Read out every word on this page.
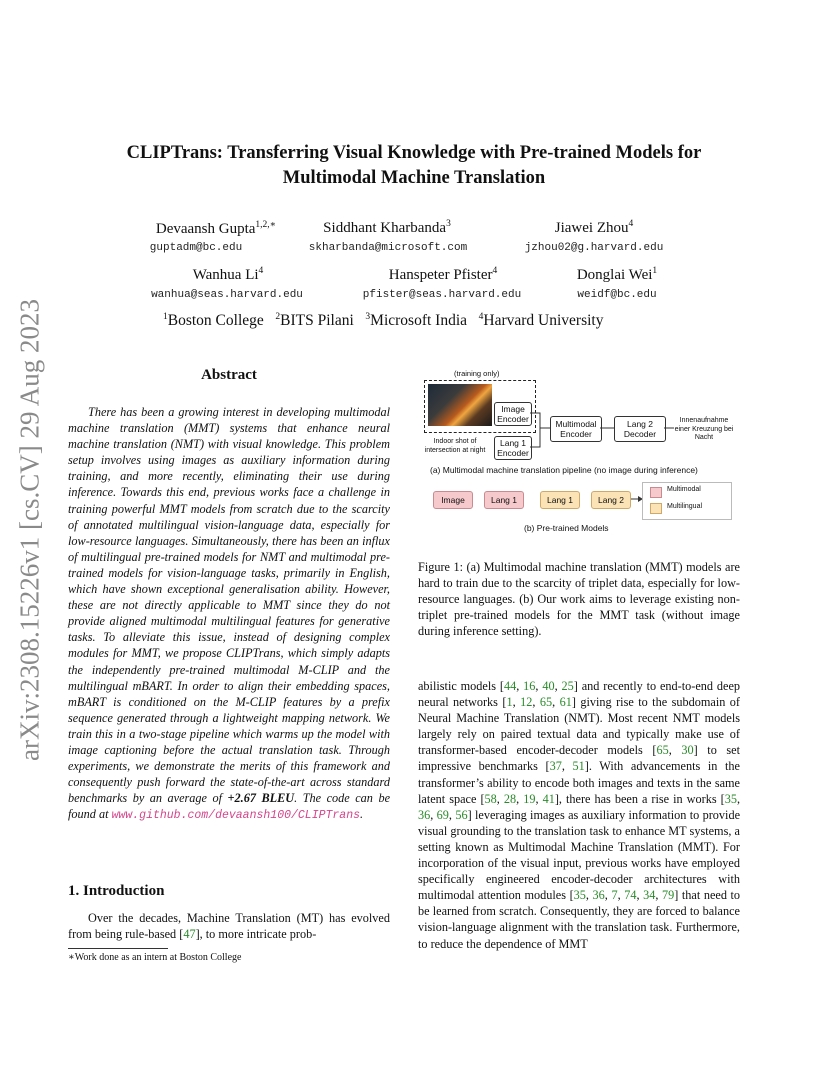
arXiv:2308.15226v1 [cs.CV] 29 Aug 2023
CLIPTrans: Transferring Visual Knowledge with Pre-trained Models for
Multimodal Machine Translation
Devaansh Gupta$^{1,2,∗}$
guptadm@bc.edu
Siddhant Kharbanda$^3$
skharbanda@microsoft.com
Jiawei Zhou$^4$
jzhou02@g.harvard.edu
Wanhua Li$^4$
wanhua@seas.harvard.edu
Hanspeter Pfister$^4$
pfister@seas.harvard.edu
Donglai Wei$^1$
weidf@bc.edu
$^1$Boston College $^2$BITS Pilani $^3$Microsoft India $^4$Harvard University
Abstract
There has been a growing interest in developing multimodal machine translation (MMT) systems that enhance neural machine translation (NMT) with visual knowledge. This problem setup involves using images as auxiliary information during training, and more recently, eliminating their use during inference. Towards this end, previous works face a challenge in training powerful MMT models from scratch due to the scarcity of annotated multilingual vision-language data, especially for low-resource languages. Simultaneously, there has been an influx of multilingual pre-trained models for NMT and multimodal pre-trained models for vision-language tasks, primarily in English, which have shown exceptional generalisation ability. However, these are not directly applicable to MMT since they do not provide aligned multimodal multilingual features for generative tasks. To alleviate this issue, instead of designing complex modules for MMT, we propose CLIPTrans, which simply adapts the independently pre-trained multimodal M-CLIP and the multilingual mBART. In order to align their embedding spaces, mBART is conditioned on the M-CLIP features by a prefix sequence generated through a lightweight mapping network. We train this in a two-stage pipeline which warms up the model with image captioning before the actual translation task. Through experiments, we demonstrate the merits of this framework and consequently push forward the state-of-the-art across standard benchmarks by an average of +2.67 BLEU. The code can be found at www.github.com/devaansh100/CLIPTrans.
1. Introduction
Over the decades, Machine Translation (MT) has evolved from being rule-based [47], to more intricate prob-
∗Work done as an intern at Boston College
(training only)
Image Encoder
Lang 1 Encoder
Indoor shot of intersection at night
Multimodal Encoder
Lang 2 Decoder
Innenaufnahme einer Kreuzung bei Nacht
(a) Multimodal machine translation pipeline (no image during inference)
Image	Lang 1	Lang 1	Lang 2
Multimodal
Multilingual
(b) Pre-trained Models
Figure 1: (a) Multimodal machine translation (MMT) models are hard to train due to the scarcity of triplet data, especially for low-resource languages. (b) Our work aims to leverage existing non-triplet pre-trained models for the MMT task (without image during inference setting).
abilistic models [44, 16, 40, 25] and recently to end-to-end deep neural networks [1, 12, 65, 61] giving rise to the subdomain of Neural Machine Translation (NMT). Most recent NMT models largely rely on paired textual data and typically make use of transformer-based encoder-decoder models [65, 30] to set impressive benchmarks [37, 51]. With advancements in the transformer’s ability to encode both images and texts in the same latent space [58, 28, 19, 41], there has been a rise in works [35, 36, 69, 56] leveraging images as auxiliary information to provide visual grounding to the translation task to enhance MT systems, a setting known as Multimodal Machine Translation (MMT). For incorporation of the visual input, previous works have employed specifically engineered encoder-decoder architectures with multimodal attention modules [35, 36, 7, 74, 34, 79] that need to be learned from scratch. Consequently, they are forced to balance vision-language alignment with the translation task. Furthermore, to reduce the dependence of MMT
